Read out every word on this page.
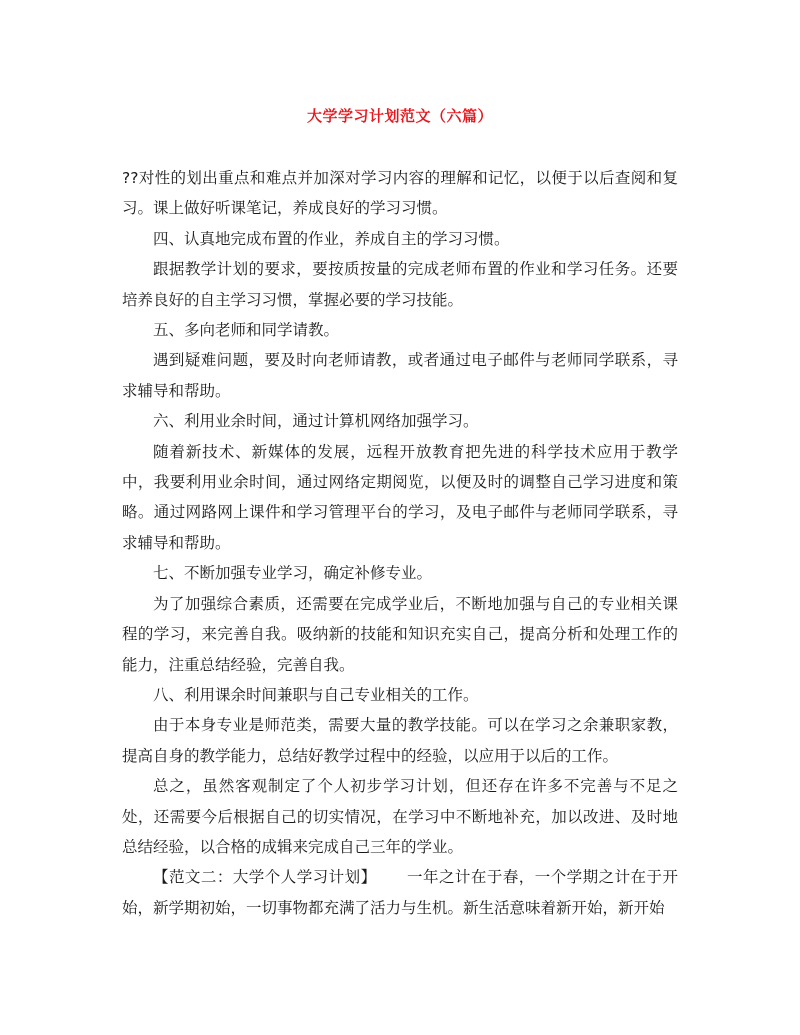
大学学习计划范文（六篇）

??对性的划出重点和难点并加深对学习内容的理解和记忆，以便于以后查阅和复习。课上做好听课笔记，养成良好的学习习惯。

四、认真地完成布置的作业，养成自主的学习习惯。

跟据教学计划的要求，要按质按量的完成老师布置的作业和学习任务。还要培养良好的自主学习习惯，掌握必要的学习技能。

五、多向老师和同学请教。

遇到疑难问题，要及时向老师请教，或者通过电子邮件与老师同学联系，寻求辅导和帮助。

六、利用业余时间，通过计算机网络加强学习。

随着新技术、新媒体的发展，远程开放教育把先进的科学技术应用于教学中，我要利用业余时间，通过网络定期阅览，以便及时的调整自己学习进度和策略。通过网路网上课件和学习管理平台的学习，及电子邮件与老师同学联系，寻求辅导和帮助。

七、不断加强专业学习，确定补修专业。

为了加强综合素质，还需要在完成学业后，不断地加强与自己的专业相关课程的学习，来完善自我。吸纳新的技能和知识充实自己，提高分析和处理工作的能力，注重总结经验，完善自我。

八、利用课余时间兼职与自己专业相关的工作。

由于本身专业是师范类，需要大量的教学技能。可以在学习之余兼职家教，提高自身的教学能力，总结好教学过程中的经验，以应用于以后的工作。

总之，虽然客观制定了个人初步学习计划，但还存在许多不完善与不足之处，还需要今后根据自己的切实情况，在学习中不断地补充，加以改进、及时地总结经验，以合格的成辑来完成自己三年的学业。

【范文二：大学个人学习计划】 一年之计在于春，一个学期之计在于开始，新学期初始，一切事物都充满了活力与生机。新生活意味着新开始，新开始
